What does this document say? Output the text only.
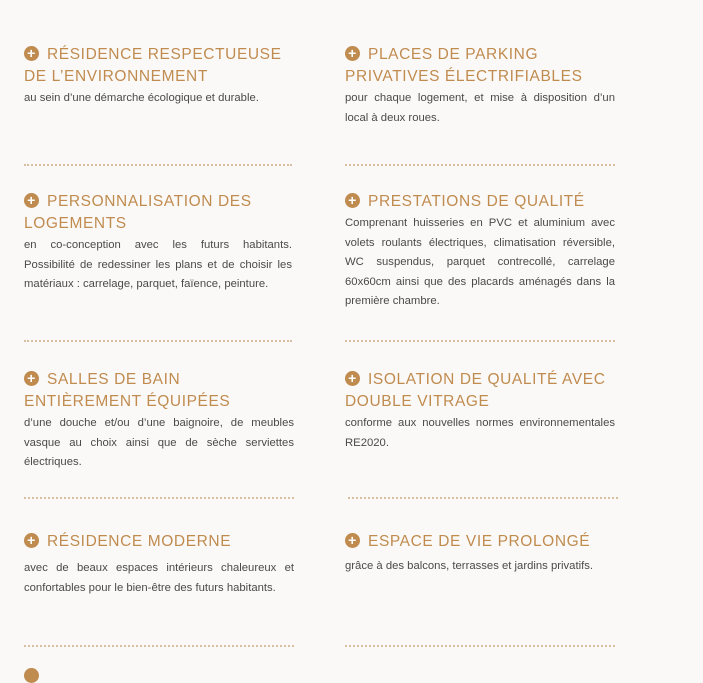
+ RÉSIDENCE RESPECTUEUSE
DE L’ENVIRONNEMENT
au sein d’une démarche écologique et durable.
+ PERSONNALISATION DES
LOGEMENTS
en co-conception avec les futurs habitants. Possibilité de redessiner les plans et de choisir les matériaux : carrelage, parquet, faïence, peinture.
+ SALLES DE BAIN
ENTIÈREMENT ÉQUIPÉES
d’une douche et/ou d’une baignoire, de meubles vasque au choix ainsi que de sèche serviettes électriques.
+ RÉSIDENCE MODERNE
avec de beaux espaces intérieurs chaleureux et confortables pour le bien-être des futurs habitants.
+ PLACES DE PARKING
PRIVATIVES ÉLECTRIFIABLES
pour chaque logement, et mise à disposition d’un local à deux roues.
+ PRESTATIONS DE QUALITÉ
Comprenant huisseries en PVC et aluminium avec volets roulants électriques, climatisation réversible, WC suspendus, parquet contrecollé, carrelage 60x60cm ainsi que des placards aménagés dans la première chambre.
+ ISOLATION DE QUALITÉ AVEC
DOUBLE VITRAGE
conforme aux nouvelles normes environnementales RE2020.
+ ESPACE DE VIE PROLONGÉ
grâce à des balcons, terrasses et jardins privatifs.
